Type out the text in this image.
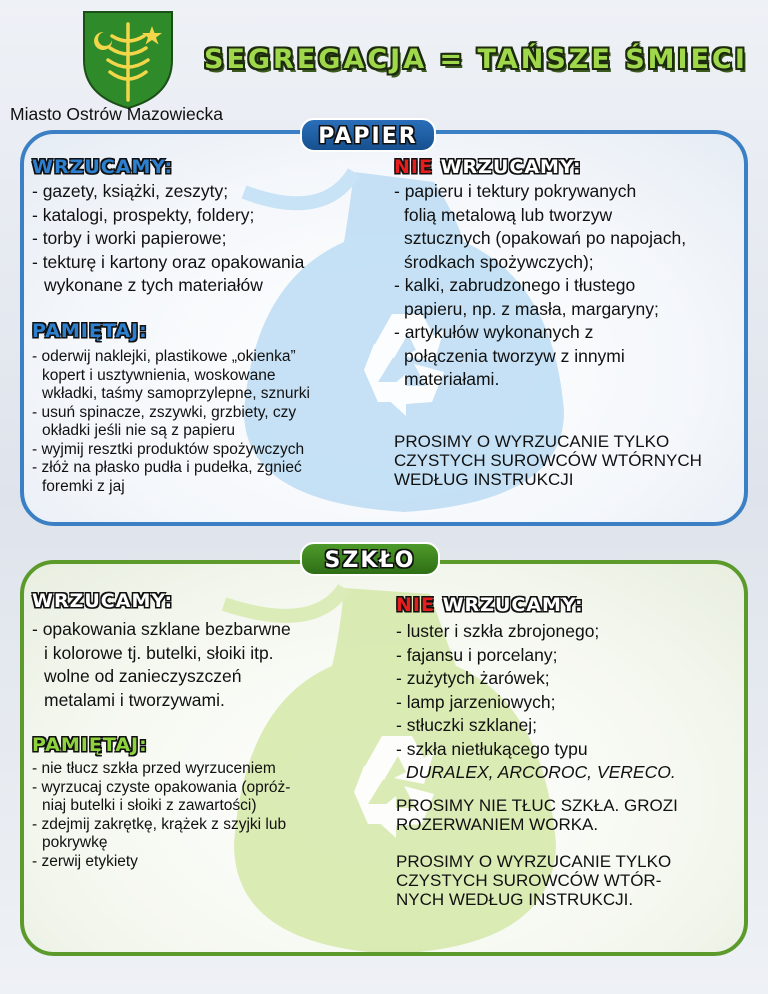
Miasto Ostrów Mazowiecka
SEGREGACJA = TAŃSZE ŚMIECI
PAPIER
WRZUCAMY:
- gazety, książki, zeszyty;
- katalogi, prospekty, foldery;
- torby i worki papierowe;
- tekturę i kartony oraz opakowania
wykonane z tych materiałów
PAMIĘTAJ:
- oderwij naklejki, plastikowe „okienka”
kopert i usztywnienia, woskowane
wkładki, taśmy samoprzylepne, sznurki
- usuń spinacze, zszywki, grzbiety, czy
okładki jeśli nie są z papieru
- wyjmij resztki produktów spożywczych
- złóż na płasko pudła i pudełka, zgnieć
foremki z jaj
NIE WRZUCAMY:
- papieru i tektury pokrywanych
folią metalową lub tworzyw
sztucznych (opakowań po napojach,
środkach spożywczych);
- kalki, zabrudzonego i tłustego
papieru, np. z masła, margaryny;
- artykułów wykonanych z
połączenia tworzyw z innymi
materiałami.
PROSIMY O WYRZUCANIE TYLKO
CZYSTYCH SUROWCÓW WTÓRNYCH
WEDŁUG INSTRUKCJI
SZKŁO
WRZUCAMY:
- opakowania szklane bezbarwne
i kolorowe tj. butelki, słoiki itp.
wolne od zanieczyszczeń
metalami i tworzywami.
PAMIĘTAJ:
- nie tłucz szkła przed wyrzuceniem
- wyrzucaj czyste opakowania (opróż-
niaj butelki i słoiki z zawartości)
- zdejmij zakrętkę, krążek z szyjki lub
pokrywkę
- zerwij etykiety
NIE WRZUCAMY:
- luster i szkła zbrojonego;
- fajansu i porcelany;
- zużytych żarówek;
- lamp jarzeniowych;
- stłuczki szklanej;
- szkła nietłukącego typu
DURALEX, ARCOROC, VERECO.
PROSIMY NIE TŁUC SZKŁA. GROZI
ROZERWANIEM WORKA.
PROSIMY O WYRZUCANIE TYLKO
CZYSTYCH SUROWCÓW WTÓR-
NYCH WEDŁUG INSTRUKCJI.
